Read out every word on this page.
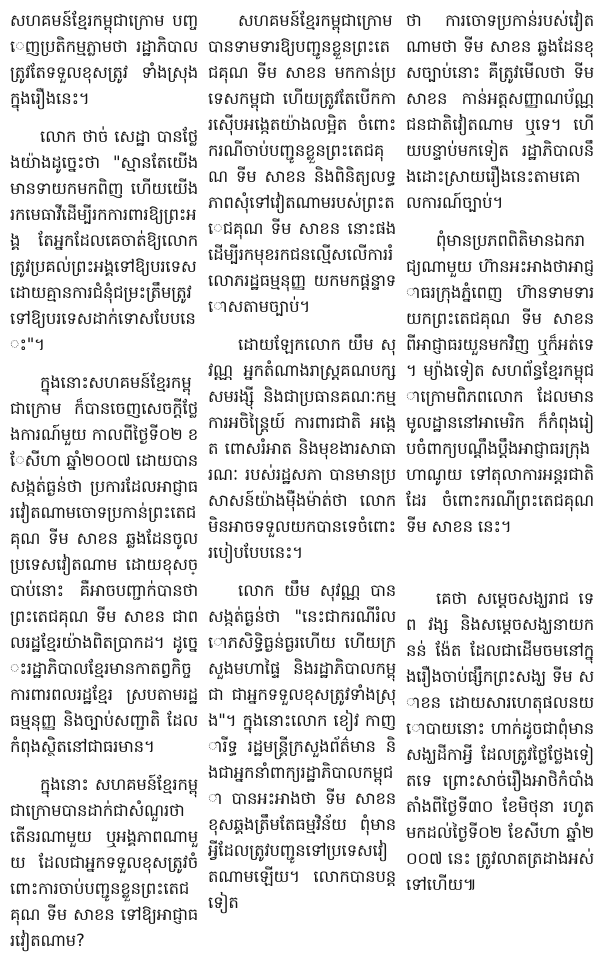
សហគមន៍ខ្មែរកម្ពុជាក្រោម បញ្ចេញប្រតិកម្មភ្លាមថា រដ្ឋាភិបាលត្រូវតែទទួលខុសត្រូវ ទាំងស្រុងក្នុងរឿងនេះ។

លោក ថាច់ សេដ្ឋា បានថ្លែងយ៉ាងដូច្នេះថា "ស្មានតែយើងមានទាយកមកពិញ ហើយយើងរកមេធាវីដើម្បីរកការពារឱ្យព្រះអង្គ តែអ្នកដែលគេចាត់ឱ្យលោក ត្រូវប្រគល់ព្រះអង្គទៅឱ្យបរទេសដោយគ្មានការជំនុំជម្រះត្រឹមត្រូវ ទៅឱ្យបរទេសដាក់ទោសបែបនេះ"។

ក្នុងនោះសហគមន៍ខ្មែរកម្ពុជាក្រោម ក៏បានចេញសេចក្តីថ្លែងការណ៍មួយ កាលពីថ្ងៃទី០២ ខែសីហា ឆ្នាំ២០០៧ ដោយបានសង្កត់ធ្ងន់ថា ប្រការដែលអាជ្ញាធរវៀតណាមចោទប្រកាន់ព្រះតេជគុណ ទីម សាខន ឆ្លងដែនចូលប្រទេសវៀតណាម ដោយខុសច្បាប់នោះ គឺអាចបញ្ជាក់បានថា ព្រះតេជគុណ ទីម សាខន ជាពលរដ្ឋខ្មែរយ៉ាងពិតប្រាកដ។ ដូច្នេះរដ្ឋាភិបាលខ្មែរមានកាតព្វកិច្ចការពារពលរដ្ឋខ្មែរ ស្របតាមរដ្ឋធម្មនុញ្ញ និងច្បាប់សញ្ជាតិ ដែលកំពុងស្ថិតនៅជាធរមាន។

ក្នុងនោះ សហគមន៍ខ្មែរកម្ពុជាក្រោមបានដាក់ជាសំណួរថា តើនរណាមួយ ឬអង្គភាពណាមួយ ដែលជាអ្នកទទួលខុសត្រូវចំពោះការចាប់បញ្ជូនខ្លួនព្រះតេជគុណ ទីម សាខន ទៅឱ្យអាជ្ញាធរវៀតណាម?

សហគមន៍ខ្មែរកម្ពុជាក្រោមបានទាមទារឱ្យបញ្ជូនខ្លួនព្រះតេជគុណ ទីម សាខន មកកាន់ប្រទេសកម្ពុជា ហើយត្រូវតែបើកការស៊ើបអង្កេតយ៉ាងលម្អិត ចំពោះករណីចាប់បញ្ជូនខ្លួនព្រះតេជគុណ ទីម សាខន និងពិនិត្យលទ្ធភាពសុំទៅវៀតណាមរបស់ព្រះតេជគុណ ទីម សាខន នោះផង ដើម្បីរកមុខរកជនល្មើសលើការរំលោភរដ្ឋធម្មនុញ្ញ យកមកផ្តន្ទាទោសតាមច្បាប់។

ដោយឡែកលោក យឹម សុវណ្ណ អ្នកតំណាងរាស្ត្រគណបក្សសមរង្ស៊ី និងជាប្រធានគណៈកម្មការអចិន្ត្រៃយ៍ ការពារជាតិ អង្កេត ពោសរំអាត និងមុខងារសាធារណៈ របស់រដ្ឋសភា បានមានប្រសាសន៍យ៉ាងម៉ឺងម៉ាត់ថា លោកមិនអាចទទួលយកបានទេចំពោះរបៀបបែបនេះ។

លោក យឹម សុវណ្ណ បានសង្កត់ធ្ងន់ថា "នេះជាករណីរំលោភសិទ្ធិធ្ងន់ធ្ងរហើយ ហើយក្រសួងមហាផ្ទៃ និងរដ្ឋាភិបាលកម្ពុជា ជាអ្នកទទួលខុសត្រូវទាំងស្រុង"។ ក្នុងនោះលោក ខៀវ កាញារីទ្ធ រដ្ឋមន្ត្រីក្រសួងព័ត៌មាន និងជាអ្នកនាំពាក្យរដ្ឋាភិបាលកម្ពុជា បានអះអាងថា ទីម សាខន ខុសឆ្គងត្រឹមតែធម្មវិន័យ ពុំមានអ្វីដែលត្រូវបញ្ជូនទៅប្រទេសវៀតណាមឡើយ។ លោកបានបន្តទៀត

ថា ការចោទប្រកាន់របស់វៀតណាមថា ទីម សាខន ឆ្លងដែនខុសច្បាប់នោះ គឺត្រូវមើលថា ទីម សាខន កាន់អត្តសញ្ញាណប័ណ្ណជនជាតិវៀតណាម ឬទេ។ ហើយបន្ទាប់មកទៀត រដ្ឋាភិបាលនឹងដោះស្រាយរឿងនេះតាមគោលការណ៍ច្បាប់។

ពុំមានប្រភពពិតិមានឯករាជ្យណាមួយ ហ៊ានអះអាងថាអាជ្ញាធរក្រុងភ្នំពេញ ហ៊ានទាមទារយកព្រះតេជគុណ ទីម សាខន ពីអាជ្ញាធរយួនមកវិញ ឬក៏អត់ទេ។ ម្យ៉ាងទៀត សហព័ន្ធខ្មែរកម្ពុជាក្រោមពិភពលោក ដែលមានមូលដ្ឋាននៅអាមេរិក ក៏កំពុងរៀបចំពាក្យបណ្តឹងប្តឹងអាជ្ញាធរក្រុងហាណូយ ទៅតុលាការអន្តរជាតិដែរ ចំពោះករណីព្រះតេជគុណ ទីម សាខន នេះ។

គេថា សម្តេចសង្ឃរាជ ទេព វង្ស និងសម្តេចសង្ឃនាយក នន់ ង៉ែត ដែលជាដើមចមនៅក្នុងរឿងចាប់ផ្សឹកព្រះសង្ឃ ទីម សាខន ដោយសារហេតុផលនយោបាយនោះ ហាក់ដូចជាពុំមានសង្ឃដីកាអ្វី ដែលត្រូវថ្លៃថ្លែងទៀតទេ ព្រោះសាច់រឿងអាថិកំបាំងតាំងពីថ្ងៃទី៣០ ខែមិថុនា រហូតមកដល់ថ្ងៃទី០២ ខែសីហា ឆ្នាំ២០០៧ នេះ ត្រូវលាតត្រដាងអស់ទៅហើយ៕
